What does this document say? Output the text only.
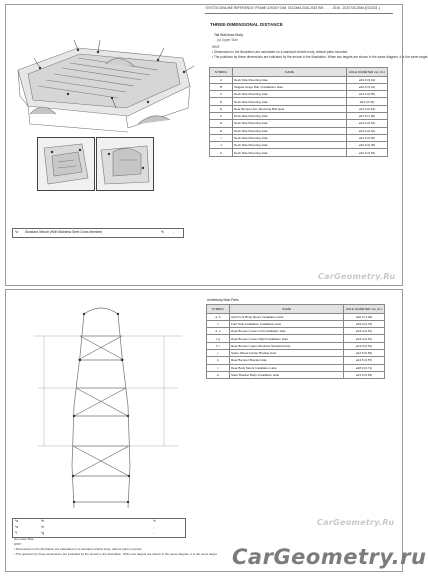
*a Standard Vehicle (With Stainless Steel Cross Member)	*b	-
TOYOTA GENUINE REFERENCE: FRAME & BODY DIM, TACOMA 2016-2023 RM . . . . . 2016 - 2023 TACOMA [01/2023 -]
THREE-DIMENSIONAL DISTANCE
Tail Wall Area Body
(a) Upper Side
HINT:
• Dimensions in the illustration are calculated on a standard vehicle body, without parts mounted.
• The positions by these dimensions are indicated by the arrows in the illustration. When two targets are shown in the same diagram, it is the same target.
SYMBOL	NAME	HOLE DIAMETER mm (in.)
A	Deck Side Mounting Hole	ø23.0 (0.91)
B	Tailgate Hinge Bolt / Installation Hole	ø10.5 (0.41)
C	Deck Side Mounting Hole	ø14.0 (0.55)
D	Deck Side Mounting Hole	ø8.2 (0.32)
E	Rear Bumper Arm Mounting Bolt Hole	ø11.0 (0.43)
F	Deck Side Mounting Hole	ø27.0 (1.06)
G	Deck Side Mounting Hole	ø13.0 (0.51)
H	Deck Side Mounting Hole	ø23.0 (0.91)
I	Deck Side Mounting Hole	ø11.5 (0.45)
J	Deck Side Mounting Hole	ø10.0 (0.39)
K	Deck Side Mounting Hole	ø16.0 (0.63)
CarGeometry.Ru
*a	*b	*c
*d	*e	-
*f	*g	-
(b) Lower Side
HINT:
• Dimensions in the illustration are calculated on a standard vehicle body, without parts mounted.
• The positions by these dimensions are indicated by the arrows in the illustration. When two targets are shown in the same diagram, it is the same target.
Underbody Main Parts
SYMBOL	NAME	HOLE DIAMETER mm (in.)
a, b	Cab Front Body Mount Installation Hole	ø32.0 (1.26)
c	Fuel Tank Installation Installation Hole	ø19.0 (0.75)
d, e	Rear Bumper Lower Left Installation Hole	ø13.0 (0.51)
f, g	Rear Bumper Lower Right Installation Hole	ø13.0 (0.51)
h, i	Rear Bumper Upper Mounted Standard Hole	ø13.0 (0.51)
j	Spare Wheel Carrier Bracket Hole	ø12.8 (0.50)
k	Rear Bumper Bracket Hole	ø14.5 (0.57)
l	Rear Body Mount Installation Hole	ø18.0 (0.71)
m	Steer Bracket Body Installation Hole	ø13.5 (0.53)
CarGeometry.Ru
CarGeometry.ru
